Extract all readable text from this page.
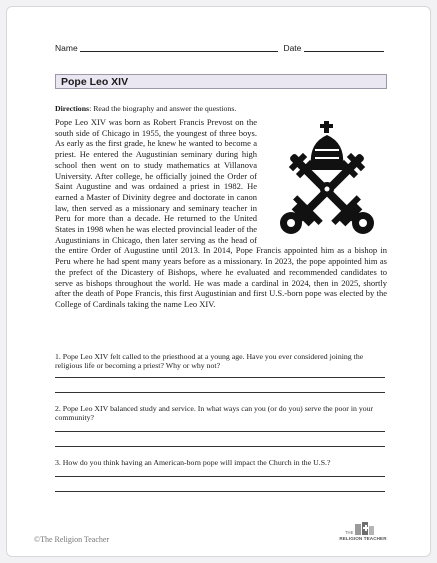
Name	Date
Pope Leo XIV
Directions: Read the biography and answer the questions.
Pope Leo XIV was born as Robert Francis Prevost on the south side of Chicago in 1955, the youngest of three boys. As early as the first grade, he knew he wanted to become a priest. He entered the Augustinian seminary during high school then went on to study mathematics at Villanova University. After college, he officially joined the Order of Saint Augustine and was ordained a priest in 1982. He earned a Master of Divinity degree and doctorate in canon law, then served as a missionary and seminary teacher in Peru for more than a decade. He returned to the United States in 1998 when he was elected provincial leader of the Augustinians in Chicago, then later serving as the head of the entire Order of Augustine until 2013. In 2014, Pope Francis appointed him as a bishop in Peru where he had spent many years before as a missionary. In 2023, the pope appointed him as the prefect of the Dicastery of Bishops, where he evaluated and recommended candidates to serve as bishops throughout the world. He was made a cardinal in 2024, then in 2025, shortly after the death of Pope Francis, this first Augustinian and first U.S.-born pope was elected by the College of Cardinals taking the name Leo XIV.
1. Pope Leo XIV felt called to the priesthood at a young age. Have you ever considered joining the religious life or becoming a priest? Why or why not?
2. Pope Leo XIV balanced study and service. In what ways can you (or do you) serve the poor in your community?
3. How do you think having an American-born pope will impact the Church in the U.S.?
©The Religion Teacher
THE
RELIGION TEACHER
